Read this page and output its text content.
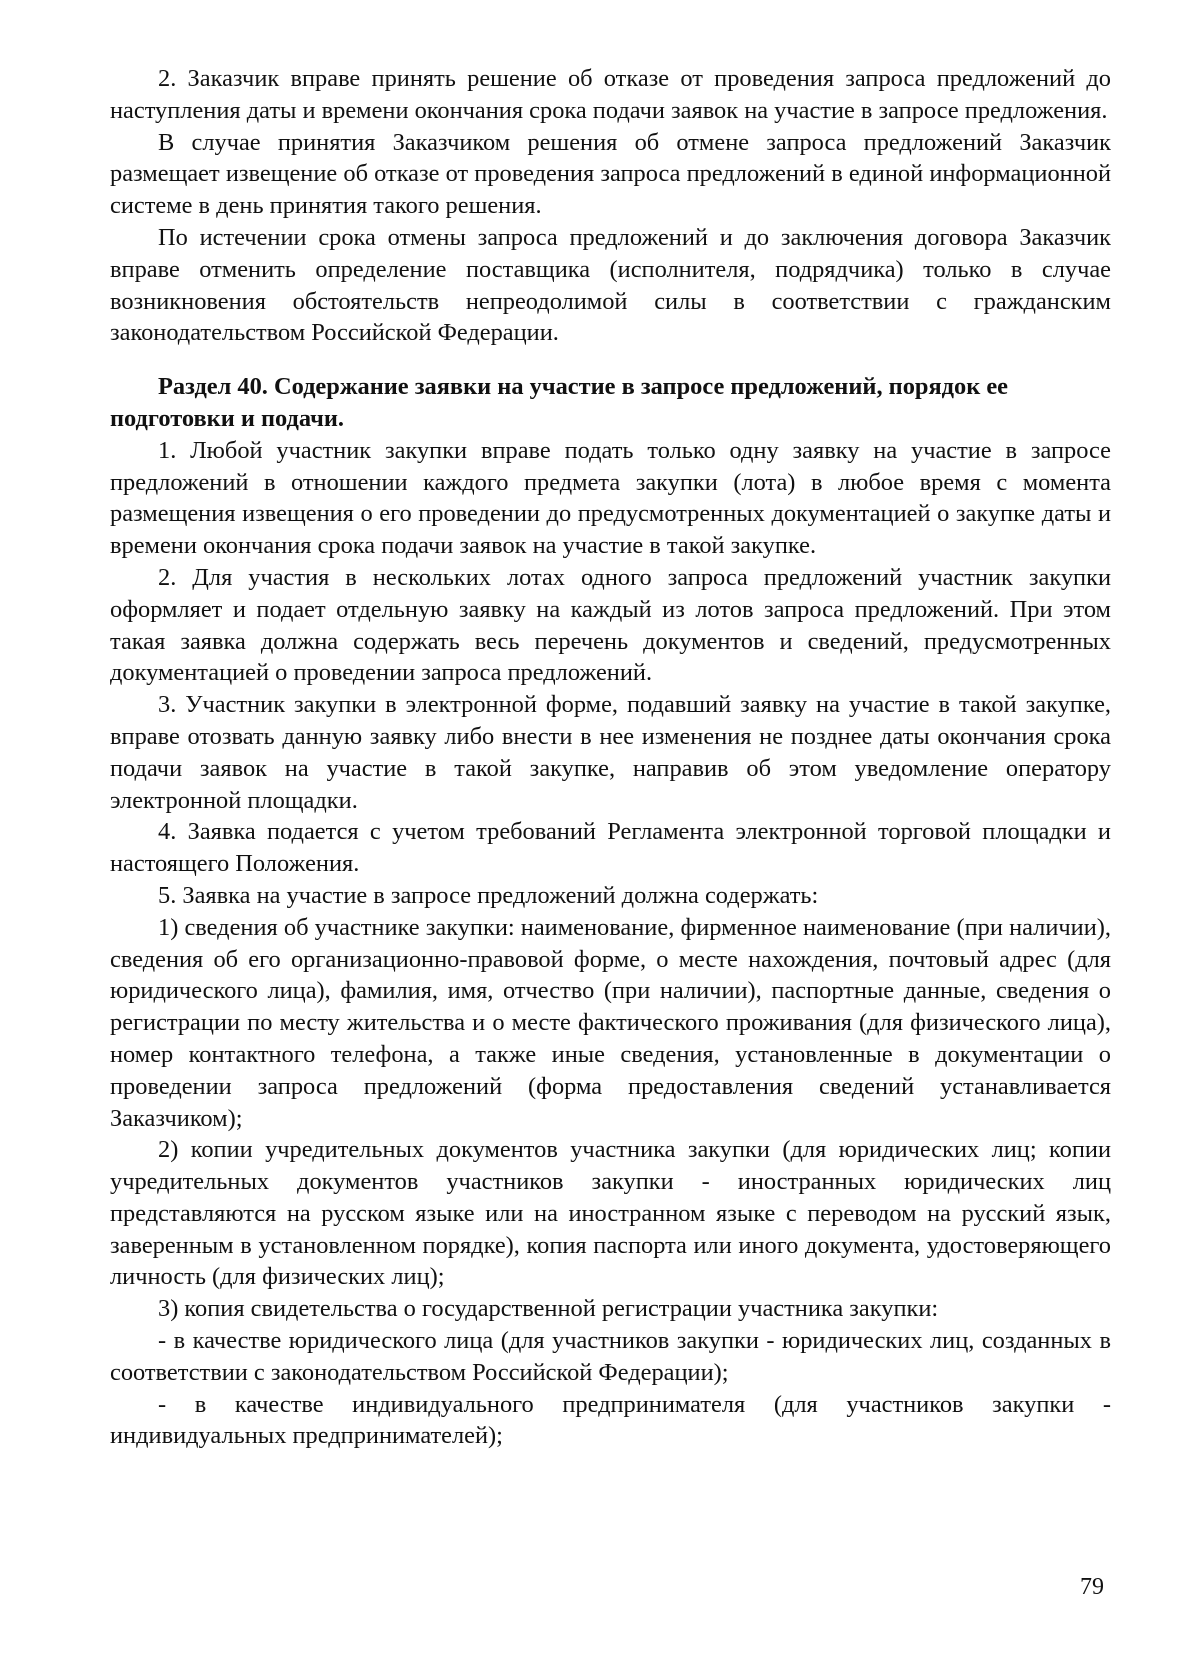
2. Заказчик вправе принять решение об отказе от проведения запроса предложений до наступления даты и времени окончания срока подачи заявок на участие в запросе предложения.

В случае принятия Заказчиком решения об отмене запроса предложений Заказчик размещает извещение об отказе от проведения запроса предложений в единой информационной системе в день принятия такого решения.

По истечении срока отмены запроса предложений и до заключения договора Заказчик вправе отменить определение поставщика (исполнителя, подрядчика) только в случае возникновения обстоятельств непреодолимой силы в соответствии с гражданским законодательством Российской Федерации.

Раздел 40. Содержание заявки на участие в запросе предложений, порядок ее подготовки и подачи.

1. Любой участник закупки вправе подать только одну заявку на участие в запросе предложений в отношении каждого предмета закупки (лота) в любое время с момента размещения извещения о его проведении до предусмотренных документацией о закупке даты и времени окончания срока подачи заявок на участие в такой закупке.

2. Для участия в нескольких лотах одного запроса предложений участник закупки оформляет и подает отдельную заявку на каждый из лотов запроса предложений. При этом такая заявка должна содержать весь перечень документов и сведений, предусмотренных документацией о проведении запроса предложений.

3. Участник закупки в электронной форме, подавший заявку на участие в такой закупке, вправе отозвать данную заявку либо внести в нее изменения не позднее даты окончания срока подачи заявок на участие в такой закупке, направив об этом уведомление оператору электронной площадки.

4. Заявка подается с учетом требований Регламента электронной торговой площадки и настоящего Положения.

5. Заявка на участие в запросе предложений должна содержать:

1) сведения об участнике закупки: наименование, фирменное наименование (при наличии), сведения об его организационно-правовой форме, о месте нахождения, почтовый адрес (для юридического лица), фамилия, имя, отчество (при наличии), паспортные данные, сведения о регистрации по месту жительства и о месте фактического проживания (для физического лица), номер контактного телефона, а также иные сведения, установленные в документации о проведении запроса предложений (форма предоставления сведений устанавливается Заказчиком);

2) копии учредительных документов участника закупки (для юридических лиц; копии учредительных документов участников закупки - иностранных юридических лиц представляются на русском языке или на иностранном языке с переводом на русский язык, заверенным в установленном порядке), копия паспорта или иного документа, удостоверяющего личность (для физических лиц);

3) копия свидетельства о государственной регистрации участника закупки:

- в качестве юридического лица (для участников закупки - юридических лиц, созданных в соответствии с законодательством Российской Федерации);

- в качестве индивидуального предпринимателя (для участников закупки - индивидуальных предпринимателей);

79
